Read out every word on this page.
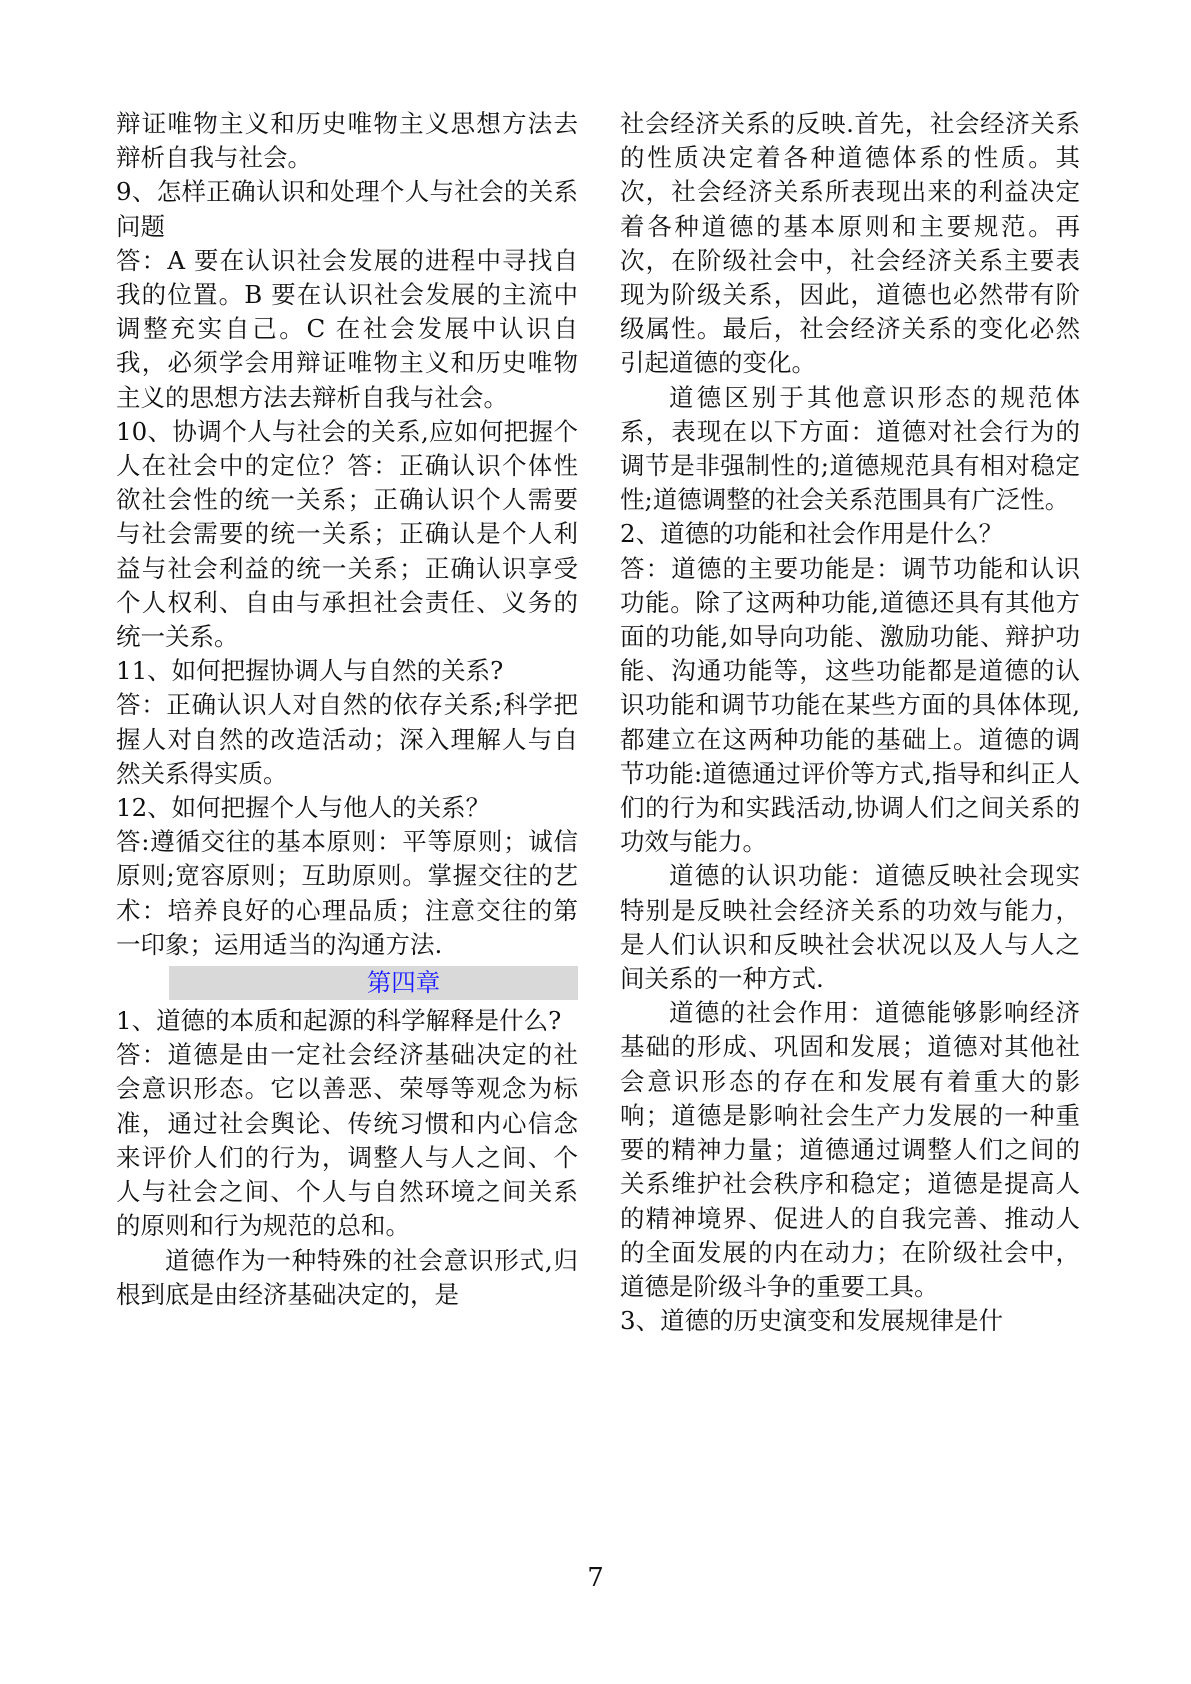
辩证唯物主义和历史唯物主义思想方法去辩析自我与社会。

9、怎样正确认识和处理个人与社会的关系问题

答：A 要在认识社会发展的进程中寻找自我的位置。B 要在认识社会发展的主流中调整充实自己。C 在社会发展中认识自我，必须学会用辩证唯物主义和历史唯物主义的思想方法去辩析自我与社会。

10、协调个人与社会的关系,应如何把握个人在社会中的定位？答：正确认识个体性欲社会性的统一关系；正确认识个人需要与社会需要的统一关系；正确认是个人利益与社会利益的统一关系；正确认识享受个人权利、自由与承担社会责任、义务的统一关系。

11、如何把握协调人与自然的关系?

答：正确认识人对自然的依存关系;科学把握人对自然的改造活动；深入理解人与自然关系得实质。

12、如何把握个人与他人的关系？

答:遵循交往的基本原则：平等原则；诚信原则;宽容原则；互助原则。掌握交往的艺术：培养良好的心理品质；注意交往的第一印象；运用适当的沟通方法.

第四章

1、道德的本质和起源的科学解释是什么?

答：道德是由一定社会经济基础决定的社会意识形态。它以善恶、荣辱等观念为标准，通过社会舆论、传统习惯和内心信念来评价人们的行为，调整人与人之间、个人与社会之间、个人与自然环境之间关系的原则和行为规范的总和。

道德作为一种特殊的社会意识形式,归根到底是由经济基础决定的，是

社会经济关系的反映.首先，社会经济关系的性质决定着各种道德体系的性质。其次，社会经济关系所表现出来的利益决定着各种道德的基本原则和主要规范。再次，在阶级社会中，社会经济关系主要表现为阶级关系，因此，道德也必然带有阶级属性。最后，社会经济关系的变化必然引起道德的变化。

道德区别于其他意识形态的规范体系，表现在以下方面：道德对社会行为的调节是非强制性的;道德规范具有相对稳定性;道德调整的社会关系范围具有广泛性。

2、道德的功能和社会作用是什么？

答：道德的主要功能是：调节功能和认识功能。除了这两种功能,道德还具有其他方面的功能,如导向功能、激励功能、辩护功能、沟通功能等，这些功能都是道德的认识功能和调节功能在某些方面的具体体现,都建立在这两种功能的基础上。道德的调节功能:道德通过评价等方式,指导和纠正人们的行为和实践活动,协调人们之间关系的功效与能力。

道德的认识功能：道德反映社会现实特别是反映社会经济关系的功效与能力，是人们认识和反映社会状况以及人与人之间关系的一种方式.

道德的社会作用：道德能够影响经济基础的形成、巩固和发展；道德对其他社会意识形态的存在和发展有着重大的影响；道德是影响社会生产力发展的一种重要的精神力量；道德通过调整人们之间的关系维护社会秩序和稳定；道德是提高人的精神境界、促进人的自我完善、推动人的全面发展的内在动力；在阶级社会中，道德是阶级斗争的重要工具。

3、道德的历史演变和发展规律是什

7
